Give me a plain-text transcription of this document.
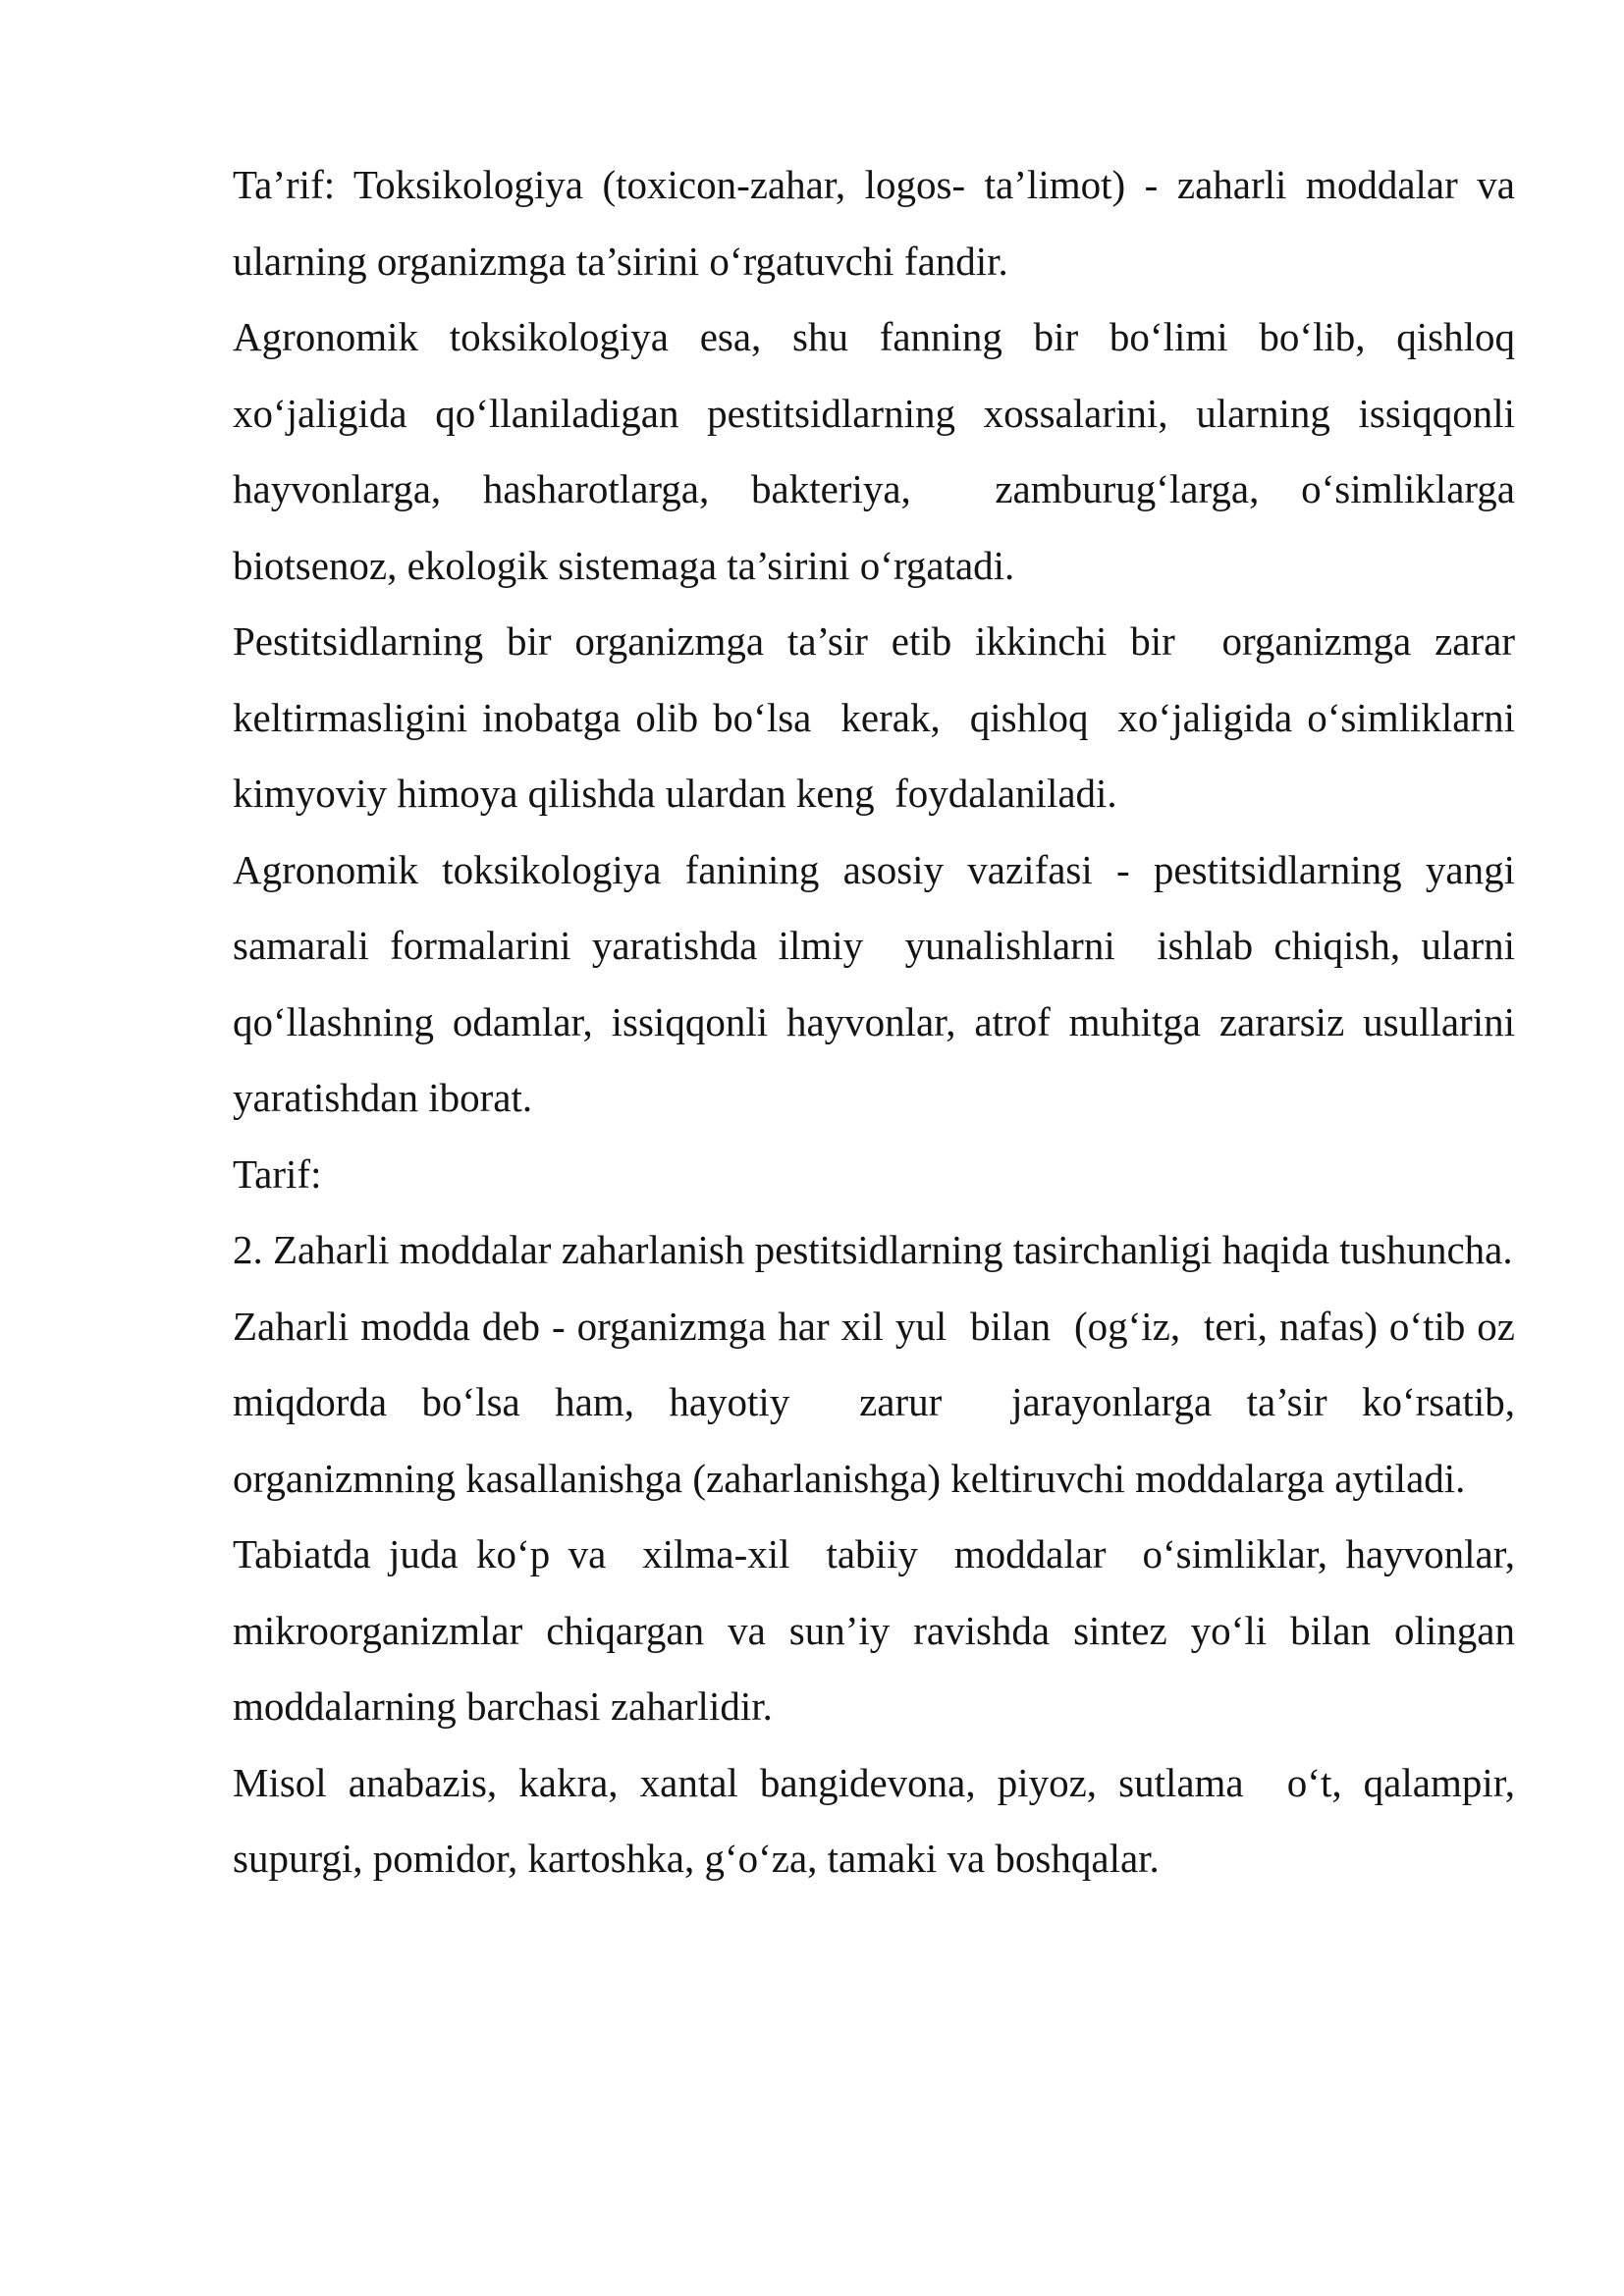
Ta’rif: Toksikologiya (toxicon-zahar, logos- ta’limot) - zaharli moddalar va ularning organizmga ta’sirini o‘rgatuvchi fandir.

Agronomik toksikologiya esa, shu fanning bir bo‘limi bo‘lib, qishloq xo‘jaligida qo‘llaniladigan pestitsidlarning xossalarini, ularning issiqqonli hayvonlarga, hasharotlarga, bakteriya,  zamburug‘larga, o‘simliklarga biotsenoz, ekologik sistemaga ta’sirini o‘rgatadi.

Pestitsidlarning bir organizmga ta’sir etib ikkinchi bir  organizmga zarar keltirmasligini inobatga olib bo‘lsa  kerak,  qishloq  xo‘jaligida o‘simliklarni kimyoviy himoya qilishda ulardan keng  foydalaniladi.

Agronomik toksikologiya fanining asosiy vazifasi - pestitsidlarning yangi samarali formalarini yaratishda ilmiy  yunalishlarni  ishlab chiqish, ularni qo‘llashning odamlar, issiqqonli hayvonlar, atrof muhitga zararsiz usullarini yaratishdan iborat.

Tarif:

2. Zaharli moddalar zaharlanish pestitsidlarning tasirchanligi haqida tushuncha.

Zaharli modda deb - organizmga har xil yul  bilan  (og‘iz,  teri, nafas) o‘tib oz miqdorda bo‘lsa ham, hayotiy  zarur  jarayonlarga ta’sir ko‘rsatib, organizmning kasallanishga (zaharlanishga) keltiruvchi moddalarga aytiladi.

Tabiatda juda ko‘p va  xilma-xil  tabiiy  moddalar  o‘simliklar, hayvonlar, mikroorganizmlar chiqargan va sun’iy ravishda sintez yo‘li bilan olingan moddalarning barchasi zaharlidir.

Misol anabazis, kakra, xantal bangidevona, piyoz, sutlama  o‘t, qalampir, supurgi, pomidor, kartoshka, g‘o‘za, tamaki va boshqalar.
